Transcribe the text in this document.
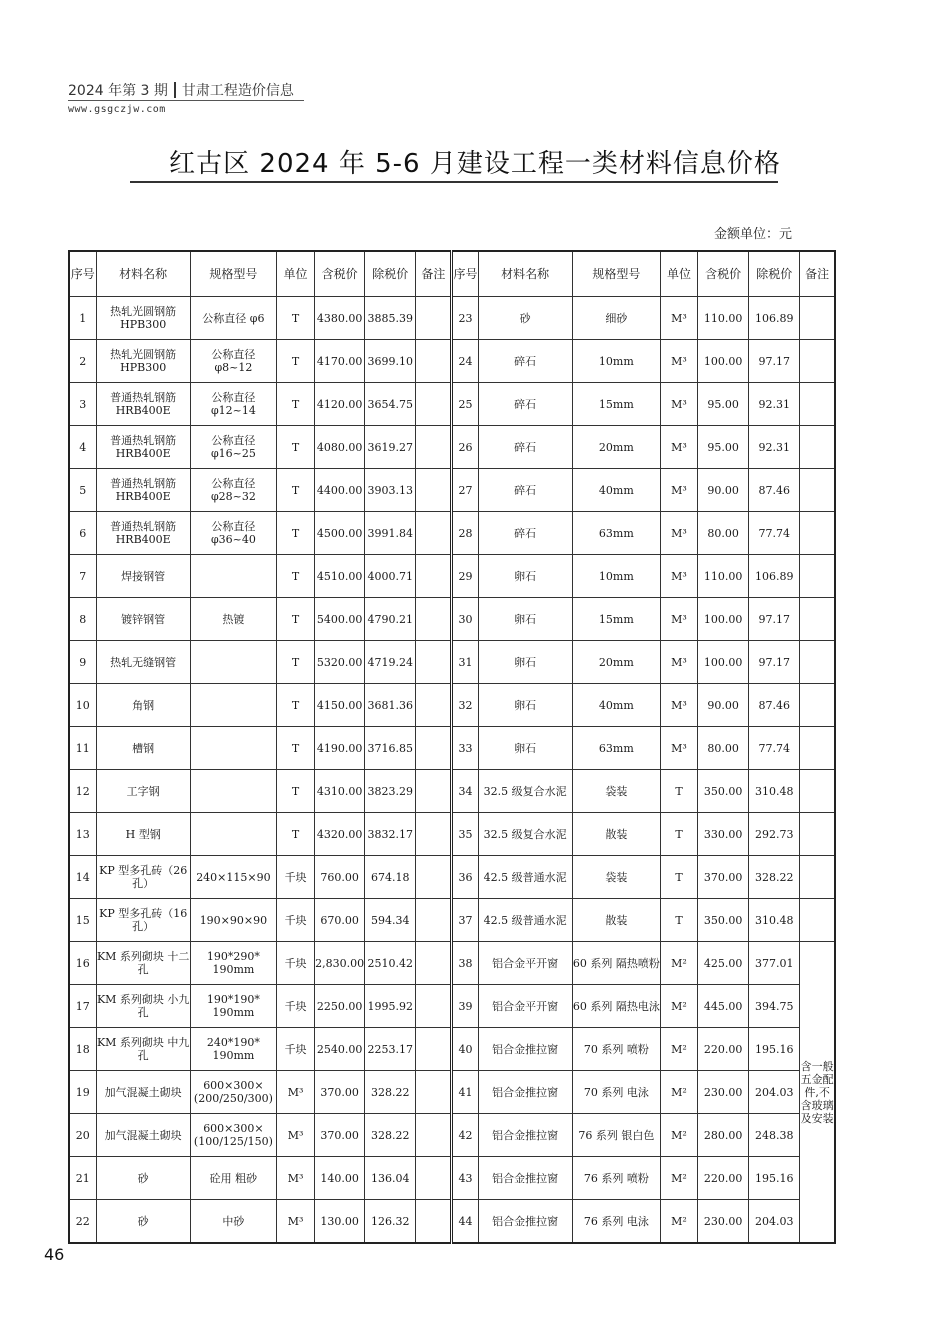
2024 年第 3 期 甘肃工程造价信息
www.gsgczjw.com
红古区 2024 年 5-6 月建设工程一类材料信息价格
金额单位：元
序号	材料名称	规格型号	单位	含税价	除税价	备注	序号	材料名称	规格型号	单位	含税价	除税价	备注
1	热轧光圆钢筋 HPB300	公称直径 φ6	T	4380.00	3885.39		23	砂	细砂	M³	110.00	106.89	
2	热轧光圆钢筋 HPB300	公称直径 φ8~12	T	4170.00	3699.10		24	碎石	10mm	M³	100.00	97.17	
3	普通热轧钢筋 HRB400E	公称直径 φ12~14	T	4120.00	3654.75		25	碎石	15mm	M³	95.00	92.31	
4	普通热轧钢筋 HRB400E	公称直径 φ16~25	T	4080.00	3619.27		26	碎石	20mm	M³	95.00	92.31	
5	普通热轧钢筋 HRB400E	公称直径 φ28~32	T	4400.00	3903.13		27	碎石	40mm	M³	90.00	87.46	
6	普通热轧钢筋 HRB400E	公称直径 φ36~40	T	4500.00	3991.84		28	碎石	63mm	M³	80.00	77.74	
7	焊接钢管		T	4510.00	4000.71		29	卵石	10mm	M³	110.00	106.89	
8	镀锌钢管	热镀	T	5400.00	4790.21		30	卵石	15mm	M³	100.00	97.17	
9	热轧无缝钢管		T	5320.00	4719.24		31	卵石	20mm	M³	100.00	97.17	
10	角钢		T	4150.00	3681.36		32	卵石	40mm	M³	90.00	87.46	
11	槽钢		T	4190.00	3716.85		33	卵石	63mm	M³	80.00	77.74	
12	工字钢		T	4310.00	3823.29		34	32.5 级复合水泥	袋装	T	350.00	310.48	
13	H 型钢		T	4320.00	3832.17		35	32.5 级复合水泥	散装	T	330.00	292.73	
14	KP 型多孔砖（26 孔）	240×115×90	千块	760.00	674.18		36	42.5 级普通水泥	袋装	T	370.00	328.22	
15	KP 型多孔砖（16 孔）	190×90×90	千块	670.00	594.34		37	42.5 级普通水泥	散装	T	350.00	310.48	
16	KM 系列砌块 十二孔	190*290* 190mm	千块	2,830.00	2510.42		38	铝合金平开窗	60 系列 隔热喷粉	M²	425.00	377.01	含一般五金配件,不含玻璃及安装
17	KM 系列砌块 小九孔	190*190* 190mm	千块	2250.00	1995.92		39	铝合金平开窗	60 系列 隔热电泳	M²	445.00	394.75	
18	KM 系列砌块 中九孔	240*190* 190mm	千块	2540.00	2253.17		40	铝合金推拉窗	70 系列 喷粉	M²	220.00	195.16	
19	加气混凝土砌块	600×300× (200/250/300)	M³	370.00	328.22		41	铝合金推拉窗	70 系列 电泳	M²	230.00	204.03	
20	加气混凝土砌块	600×300× (100/125/150)	M³	370.00	328.22		42	铝合金推拉窗	76 系列 银白色	M²	280.00	248.38	
21	砂	砼用 粗砂	M³	140.00	136.04		43	铝合金推拉窗	76 系列 喷粉	M²	220.00	195.16	
22	砂	中砂	M³	130.00	126.32		44	铝合金推拉窗	76 系列 电泳	M²	230.00	204.03	
46
